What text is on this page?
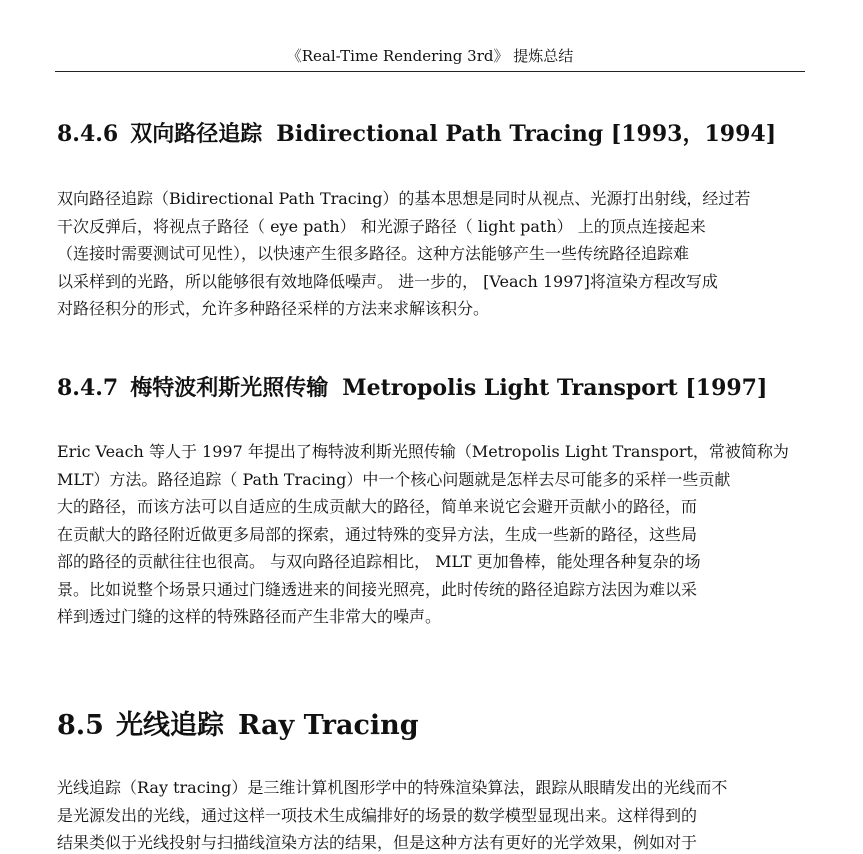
《Real-Time Rendering 3rd》 提炼总结
8.4.6 双向路径追踪 Bidirectional Path Tracing [1993，1994]
双向路径追踪（Bidirectional Path Tracing）的基本思想是同时从视点、光源打出射线，经过若
干次反弹后，将视点子路径（ eye path） 和光源子路径（ light path） 上的顶点连接起来
（连接时需要测试可见性），以快速产生很多路径。这种方法能够产生一些传统路径追踪难
以采样到的光路，所以能够很有效地降低噪声。 进一步的， [Veach 1997]将渲染方程改写成
对路径积分的形式，允许多种路径采样的方法来求解该积分。
8.4.7 梅特波利斯光照传输 Metropolis Light Transport [1997]
Eric Veach 等人于 1997 年提出了梅特波利斯光照传输（Metropolis Light Transport，常被简称为
MLT）方法。路径追踪（ Path Tracing）中一个核心问题就是怎样去尽可能多的采样一些贡献
大的路径，而该方法可以自适应的生成贡献大的路径，简单来说它会避开贡献小的路径，而
在贡献大的路径附近做更多局部的探索，通过特殊的变异方法，生成一些新的路径，这些局
部的路径的贡献往往也很高。 与双向路径追踪相比， MLT 更加鲁棒，能处理各种复杂的场
景。比如说整个场景只通过门缝透进来的间接光照亮，此时传统的路径追踪方法因为难以采
样到透过门缝的这样的特殊路径而产生非常大的噪声。
8.5 光线追踪 Ray Tracing
光线追踪（Ray tracing）是三维计算机图形学中的特殊渲染算法，跟踪从眼睛发出的光线而不
是光源发出的光线，通过这样一项技术生成编排好的场景的数学模型显现出来。这样得到的
结果类似于光线投射与扫描线渲染方法的结果，但是这种方法有更好的光学效果，例如对于
